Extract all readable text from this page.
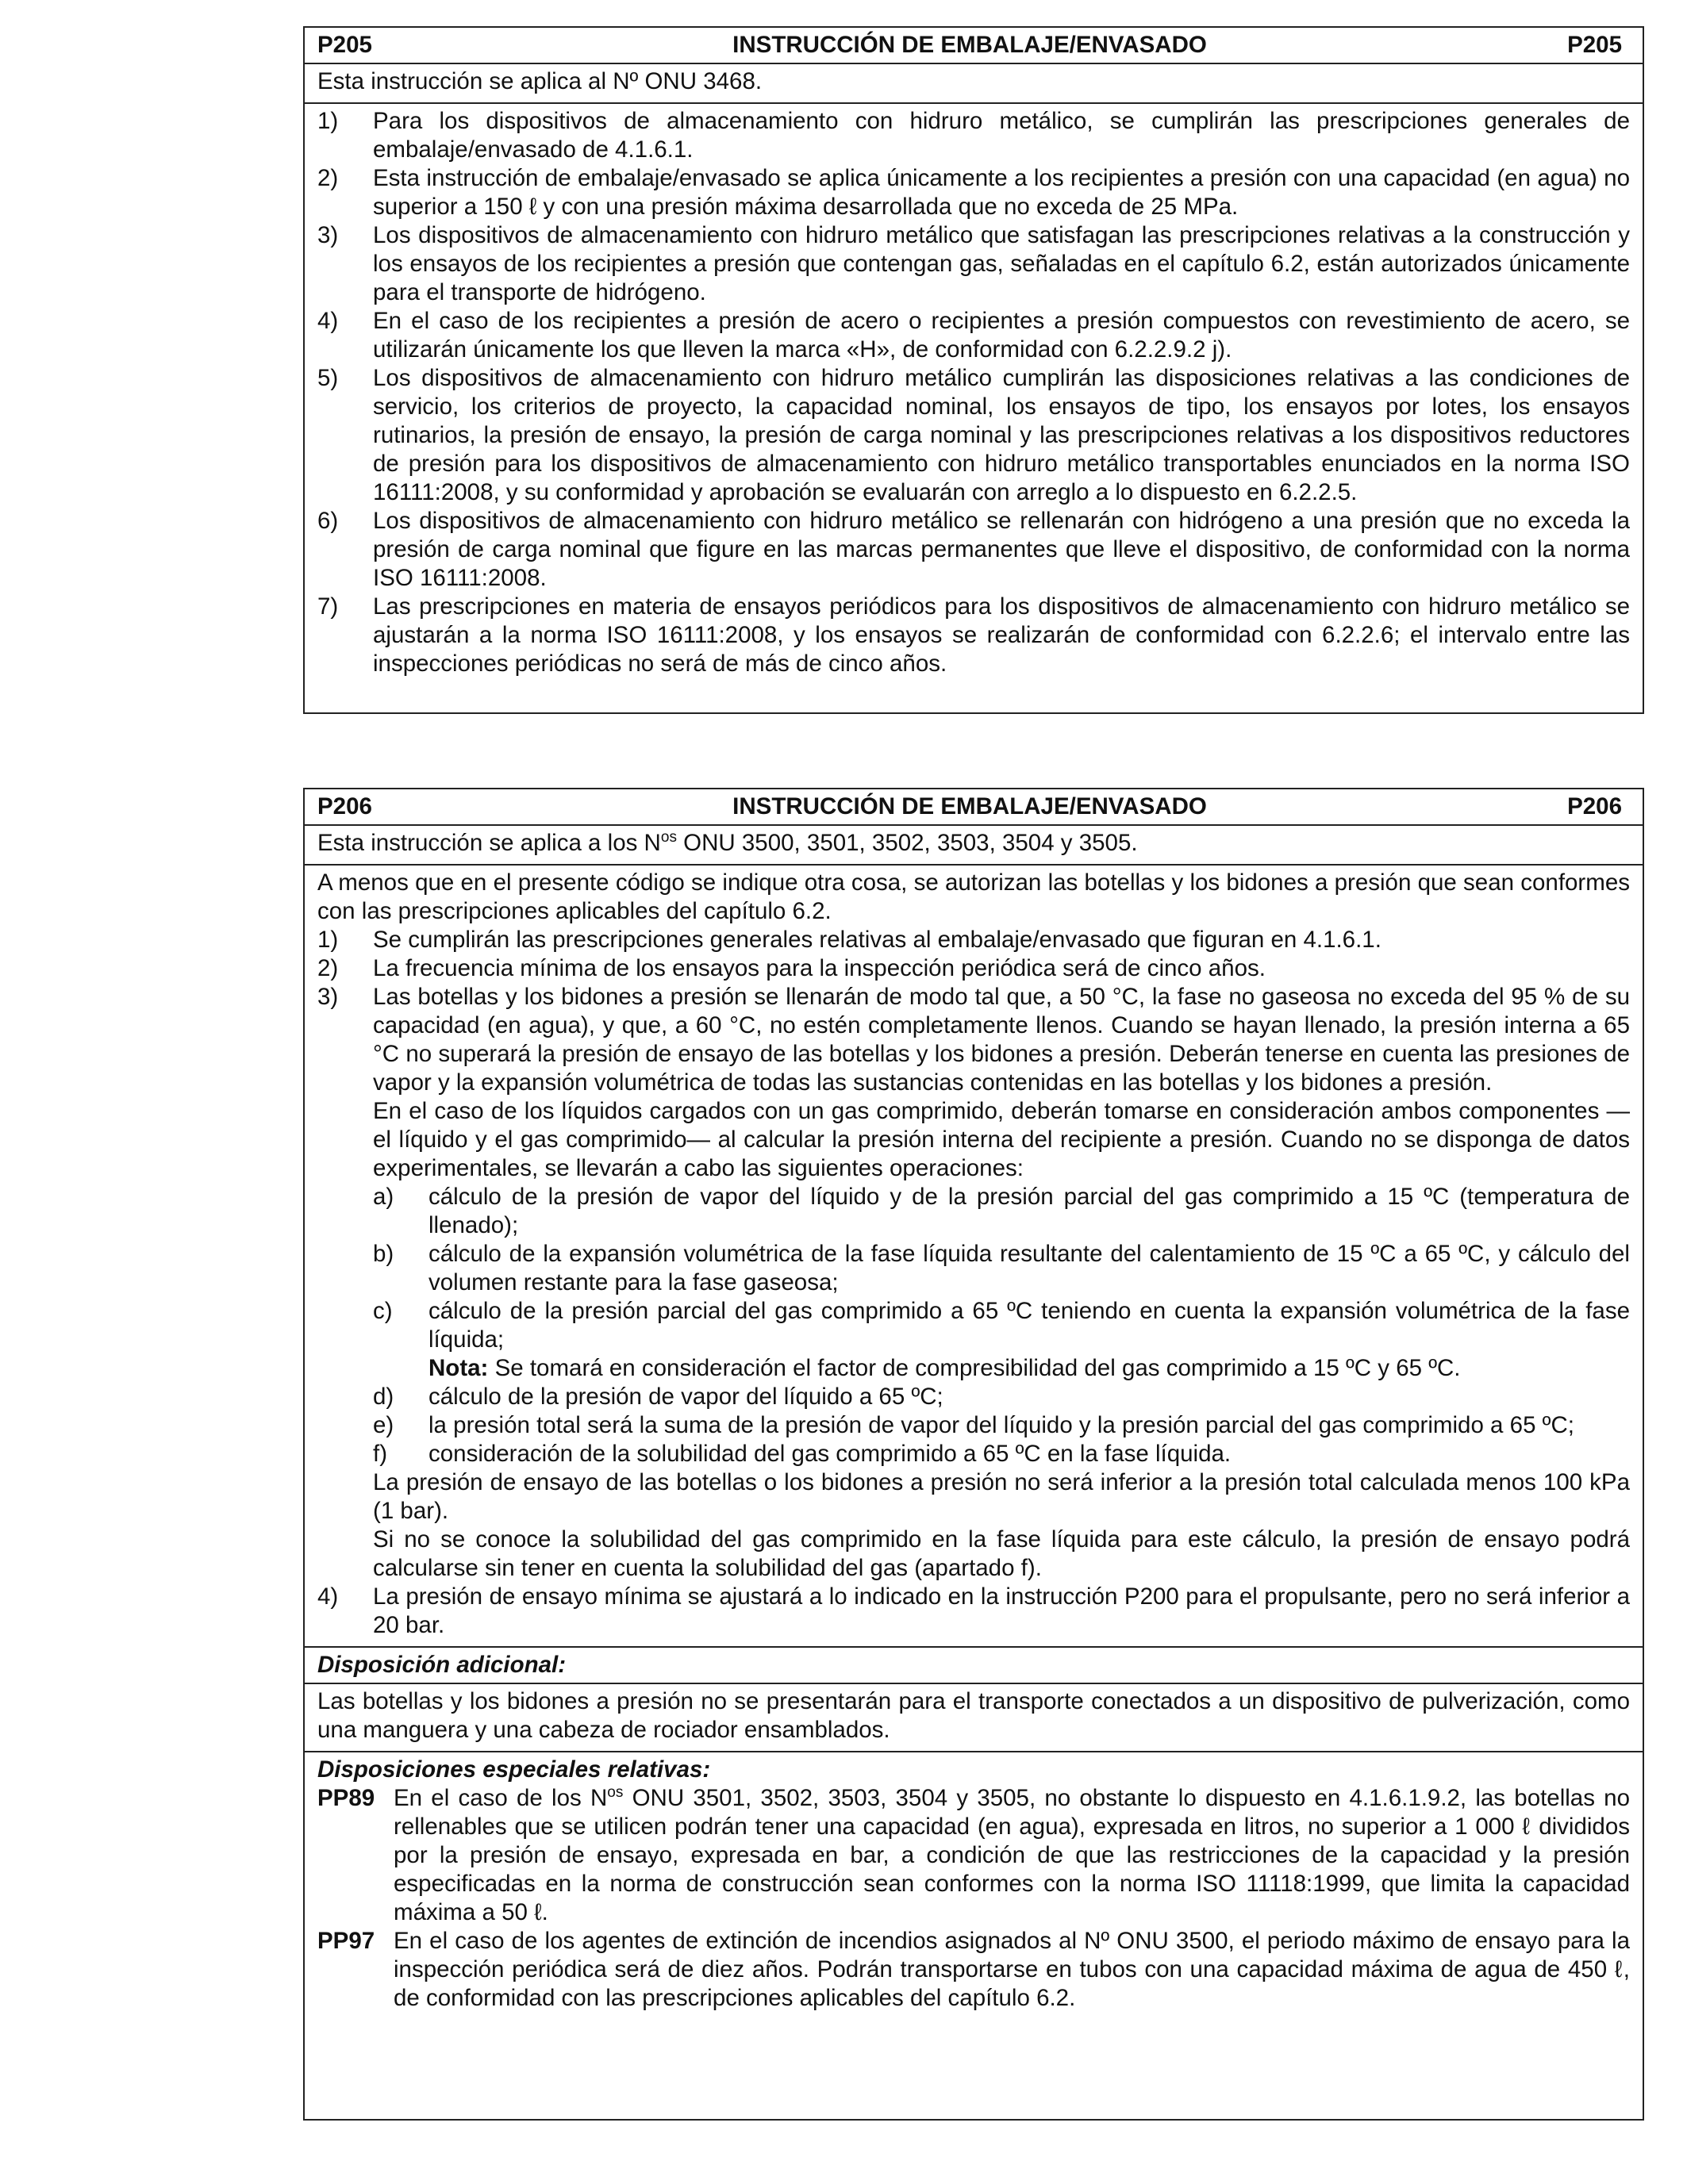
P205	INSTRUCCIÓN DE EMBALAJE/ENVASADO	P205
Esta instrucción se aplica al Nº ONU 3468.
1)	Para los dispositivos de almacenamiento con hidruro metálico, se cumplirán las prescripciones generales de embalaje/envasado de 4.1.6.1.
2)	Esta instrucción de embalaje/envasado se aplica únicamente a los recipientes a presión con una capacidad (en agua) no superior a 150 ℓ y con una presión máxima desarrollada que no exceda de 25 MPa.
3)	Los dispositivos de almacenamiento con hidruro metálico que satisfagan las prescripciones relativas a la construcción y los ensayos de los recipientes a presión que contengan gas, señaladas en el capítulo 6.2, están autorizados únicamente para el transporte de hidrógeno.
4)	En el caso de los recipientes a presión de acero o recipientes a presión compuestos con revestimiento de acero, se utilizarán únicamente los que lleven la marca «H», de conformidad con 6.2.2.9.2 j).
5)	Los dispositivos de almacenamiento con hidruro metálico cumplirán las disposiciones relativas a las condiciones de servicio, los criterios de proyecto, la capacidad nominal, los ensayos de tipo, los ensayos por lotes, los ensayos rutinarios, la presión de ensayo, la presión de carga nominal y las prescripciones relativas a los dispositivos reductores de presión para los dispositivos de almacenamiento con hidruro metálico transportables enunciados en la norma ISO 16111:2008, y su conformidad y aprobación se evaluarán con arreglo a lo dispuesto en 6.2.2.5.
6)	Los dispositivos de almacenamiento con hidruro metálico se rellenarán con hidrógeno a una presión que no exceda la presión de carga nominal que figure en las marcas permanentes que lleve el dispositivo, de conformidad con la norma ISO 16111:2008.
7)	Las prescripciones en materia de ensayos periódicos para los dispositivos de almacenamiento con hidruro metálico se ajustarán a la norma ISO 16111:2008, y los ensayos se realizarán de conformidad con 6.2.2.6; el intervalo entre las inspecciones periódicas no será de más de cinco años.
P206	INSTRUCCIÓN DE EMBALAJE/ENVASADO	P206
Esta instrucción se aplica a los $N^{os}$ ONU 3500, 3501, 3502, 3503, 3504 y 3505.
A menos que en el presente código se indique otra cosa, se autorizan las botellas y los bidones a presión que sean conformes con las prescripciones aplicables del capítulo 6.2.
1)	Se cumplirán las prescripciones generales relativas al embalaje/envasado que figuran en 4.1.6.1.
2)	La frecuencia mínima de los ensayos para la inspección periódica será de cinco años.
3)	Las botellas y los bidones a presión se llenarán de modo tal que, a 50 °C, la fase no gaseosa no exceda del 95 % de su capacidad (en agua), y que, a 60 °C, no estén completamente llenos. Cuando se hayan llenado, la presión interna a 65 °C no superará la presión de ensayo de las botellas y los bidones a presión. Deberán tenerse en cuenta las presiones de vapor y la expansión volumétrica de todas las sustancias contenidas en las botellas y los bidones a presión.
En el caso de los líquidos cargados con un gas comprimido, deberán tomarse en consideración ambos componentes —el líquido y el gas comprimido— al calcular la presión interna del recipiente a presión. Cuando no se disponga de datos experimentales, se llevarán a cabo las siguientes operaciones:
a)	cálculo de la presión de vapor del líquido y de la presión parcial del gas comprimido a 15 ºC (temperatura de llenado);
b)	cálculo de la expansión volumétrica de la fase líquida resultante del calentamiento de 15 ºC a 65 ºC, y cálculo del volumen restante para la fase gaseosa;
c)	cálculo de la presión parcial del gas comprimido a 65 ºC teniendo en cuenta la expansión volumétrica de la fase líquida;
Nota: Se tomará en consideración el factor de compresibilidad del gas comprimido a 15 ºC y 65 ºC.
d)	cálculo de la presión de vapor del líquido a 65 ºC;
e)	la presión total será la suma de la presión de vapor del líquido y la presión parcial del gas comprimido a 65 ºC;
f)	consideración de la solubilidad del gas comprimido a 65 ºC en la fase líquida.
La presión de ensayo de las botellas o los bidones a presión no será inferior a la presión total calculada menos 100 kPa (1 bar).
Si no se conoce la solubilidad del gas comprimido en la fase líquida para este cálculo, la presión de ensayo podrá calcularse sin tener en cuenta la solubilidad del gas (apartado f).
4)	La presión de ensayo mínima se ajustará a lo indicado en la instrucción P200 para el propulsante, pero no será inferior a 20 bar.
Disposición adicional:
Las botellas y los bidones a presión no se presentarán para el transporte conectados a un dispositivo de pulverización, como una manguera y una cabeza de rociador ensamblados.
Disposiciones especiales relativas:
PP89 En el caso de los $N^{os}$ ONU 3501, 3502, 3503, 3504 y 3505, no obstante lo dispuesto en 4.1.6.1.9.2, las botellas no rellenables que se utilicen podrán tener una capacidad (en agua), expresada en litros, no superior a 1 000 ℓ divididos por la presión de ensayo, expresada en bar, a condición de que las restricciones de la capacidad y la presión especificadas en la norma de construcción sean conformes con la norma ISO 11118:1999, que limita la capacidad máxima a 50 ℓ.
PP97 En el caso de los agentes de extinción de incendios asignados al Nº ONU 3500, el periodo máximo de ensayo para la inspección periódica será de diez años. Podrán transportarse en tubos con una capacidad máxima de agua de 450 ℓ, de conformidad con las prescripciones aplicables del capítulo 6.2.
